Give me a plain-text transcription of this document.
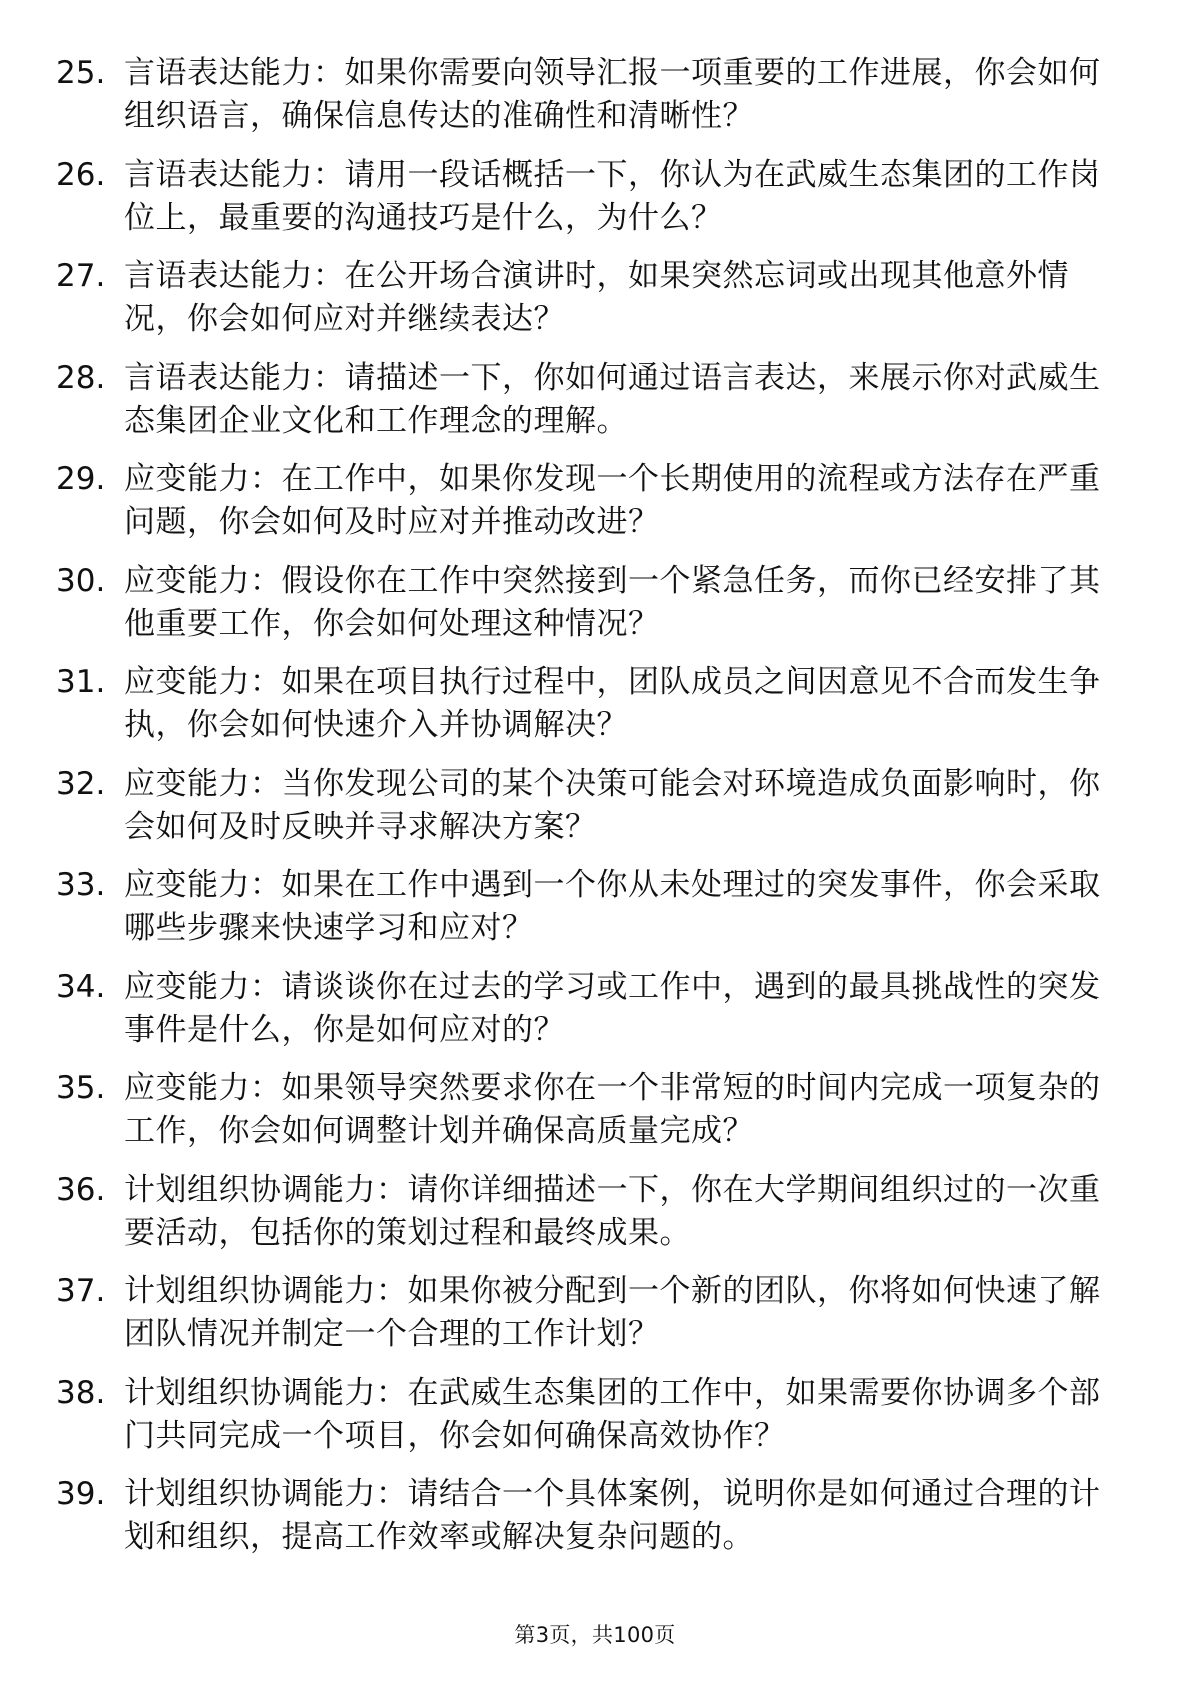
25. 言语表达能力：如果你需要向领导汇报一项重要的工作进展，你会如何组织语言，确保信息传达的准确性和清晰性？
26. 言语表达能力：请用一段话概括一下，你认为在武威生态集团的工作岗位上，最重要的沟通技巧是什么，为什么？
27. 言语表达能力：在公开场合演讲时，如果突然忘词或出现其他意外情况，你会如何应对并继续表达？
28. 言语表达能力：请描述一下，你如何通过语言表达，来展示你对武威生态集团企业文化和工作理念的理解。
29. 应变能力：在工作中，如果你发现一个长期使用的流程或方法存在严重问题，你会如何及时应对并推动改进？
30. 应变能力：假设你在工作中突然接到一个紧急任务，而你已经安排了其他重要工作，你会如何处理这种情况？
31. 应变能力：如果在项目执行过程中，团队成员之间因意见不合而发生争执，你会如何快速介入并协调解决？
32. 应变能力：当你发现公司的某个决策可能会对环境造成负面影响时，你会如何及时反映并寻求解决方案？
33. 应变能力：如果在工作中遇到一个你从未处理过的突发事件，你会采取哪些步骤来快速学习和应对？
34. 应变能力：请谈谈你在过去的学习或工作中，遇到的最具挑战性的突发事件是什么，你是如何应对的？
35. 应变能力：如果领导突然要求你在一个非常短的时间内完成一项复杂的工作，你会如何调整计划并确保高质量完成？
36. 计划组织协调能力：请你详细描述一下，你在大学期间组织过的一次重要活动，包括你的策划过程和最终成果。
37. 计划组织协调能力：如果你被分配到一个新的团队，你将如何快速了解团队情况并制定一个合理的工作计划？
38. 计划组织协调能力：在武威生态集团的工作中，如果需要你协调多个部门共同完成一个项目，你会如何确保高效协作？
39. 计划组织协调能力：请结合一个具体案例，说明你是如何通过合理的计划和组织，提高工作效率或解决复杂问题的。
第3页，共100页
